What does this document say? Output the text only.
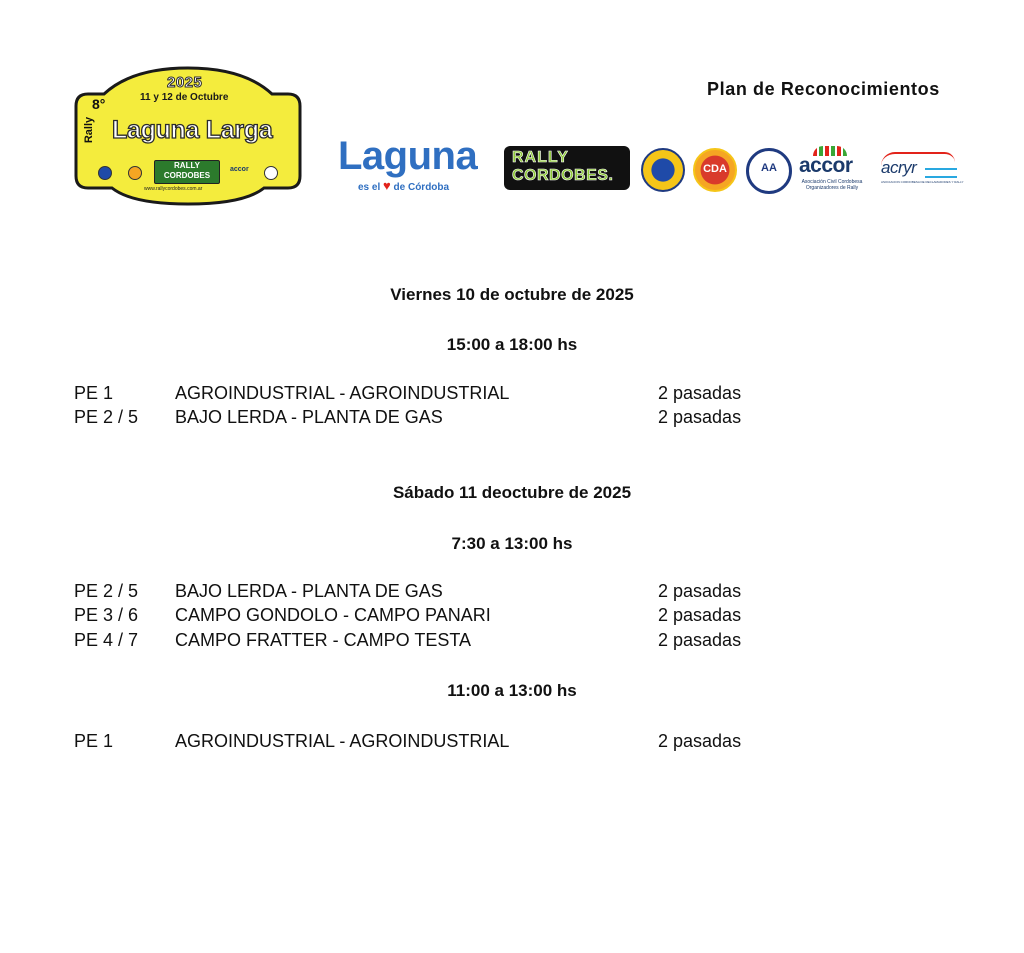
2025
11 y 12 de Octubre
8°
Rally Laguna Larga
RALLY
CORDOBES
accor
www.rallycordobes.com.ar
Laguna
es el ♥ de Córdoba
RALLY
CORDOBES.	CDA	AA	accor
Asociación Civil Cordobesa Organizadores de Rally
acryr
ASOCIACION CORDOBESA DE RECLAMADORES Y RALLY
Plan de Reconocimientos
Viernes 10 de octubre de 2025
15:00 a 18:00 hs
PE 1	AGROINDUSTRIAL - AGROINDUSTRIAL	2 pasadas
PE 2 / 5	BAJO LERDA - PLANTA DE GAS	2 pasadas
Sábado 11 deoctubre de 2025
7:30 a 13:00 hs
PE 2 / 5	BAJO LERDA - PLANTA DE GAS	2 pasadas
PE 3 / 6	CAMPO GONDOLO - CAMPO PANARI	2 pasadas
PE 4 / 7	CAMPO FRATTER - CAMPO TESTA	2 pasadas
11:00 a 13:00 hs
PE 1	AGROINDUSTRIAL - AGROINDUSTRIAL	2 pasadas
